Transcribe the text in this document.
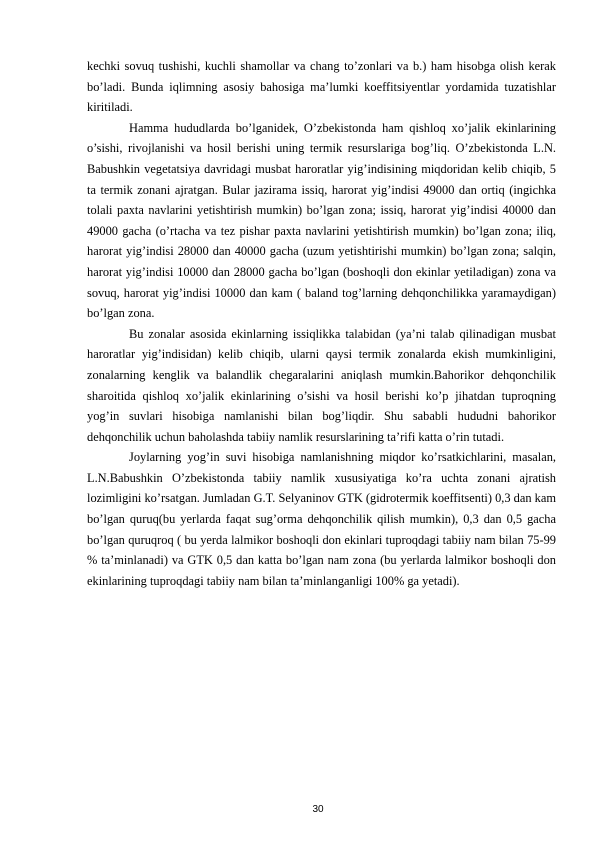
kechki sovuq tushishi, kuchli shamollar va chang to’zonlari va b.) ham hisobga olish kerak bo’ladi. Bunda iqlimning asosiy bahosiga ma’lumki koeffitsiyentlar yordamida tuzatishlar kiritiladi.

Hamma hududlarda bo’lganidek, O’zbekistonda ham qishloq xo’jalik ekinlarining o’sishi, rivojlanishi va hosil berishi uning termik resurslariga bog’liq. O’zbekistonda L.N. Babushkin vegetatsiya davridagi musbat haroratlar yig’indisining miqdoridan kelib chiqib, 5 ta termik zonani ajratgan. Bular jazirama issiq, harorat yig’indisi 49000 dan ortiq (ingichka tolali paxta navlarini yetishtirish mumkin) bo’lgan zona; issiq, harorat yig’indisi 40000 dan 49000 gacha (o’rtacha va tez pishar paxta navlarini yetishtirish mumkin) bo’lgan zona; iliq, harorat yig’indisi 28000 dan 40000 gacha (uzum yetishtirishi mumkin) bo’lgan zona; salqin, harorat yig’indisi 10000 dan 28000 gacha bo’lgan (boshoqli don ekinlar yetiladigan) zona va sovuq, harorat yig’indisi 10000 dan kam ( baland tog’larning dehqonchilikka yaramaydigan) bo’lgan zona.

Bu zonalar asosida ekinlarning issiqlikka talabidan (ya’ni talab qilinadigan musbat haroratlar yig’indisidan) kelib chiqib, ularni qaysi termik zonalarda ekish mumkinligini, zonalarning kenglik va balandlik chegaralarini aniqlash mumkin.Bahorikor dehqonchilik sharoitida qishloq xo’jalik ekinlarining o’sishi va hosil berishi ko’p jihatdan tuproqning yog’in suvlari hisobiga namlanishi bilan bog’liqdir. Shu sababli hududni bahorikor dehqonchilik uchun baholashda tabiiy namlik resurslarining ta’rifi katta o’rin tutadi.

Joylarning yog’in suvi hisobiga namlanishning miqdor ko’rsatkichlarini, masalan, L.N.Babushkin O’zbekistonda tabiiy namlik xususiyatiga ko’ra uchta zonani ajratish lozimligini ko’rsatgan. Jumladan G.T. Selyaninov GTK (gidrotermik koeffitsenti) 0,3 dan kam bo’lgan quruq(bu yerlarda faqat sug’orma dehqonchilik qilish mumkin), 0,3 dan 0,5 gacha bo’lgan quruqroq ( bu yerda lalmikor boshoqli don ekinlari tuproqdagi tabiiy nam bilan 75-99 % ta’minlanadi) va GTK 0,5 dan katta bo’lgan nam zona (bu yerlarda lalmikor boshoqli don ekinlarining tuproqdagi tabiiy nam bilan ta’minlanganligi 100% ga yetadi).

30
